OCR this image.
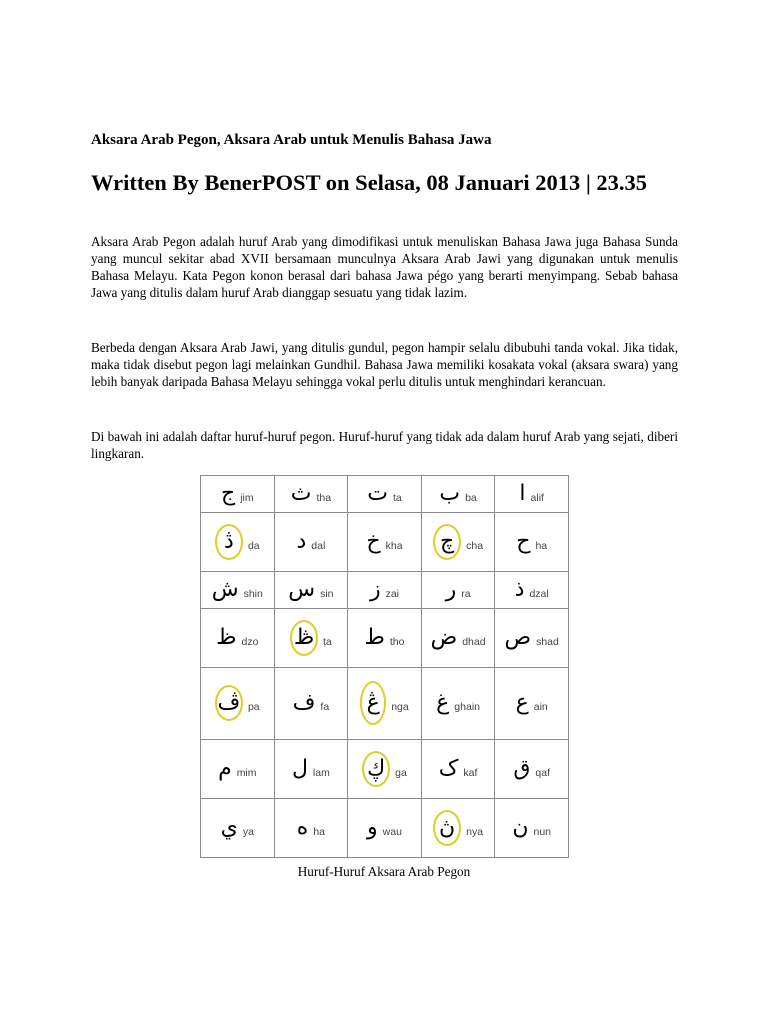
Aksara Arab Pegon, Aksara Arab untuk Menulis Bahasa Jawa
Written By BenerPOST on Selasa, 08 Januari 2013 | 23.35
Aksara Arab Pegon adalah huruf Arab yang dimodifikasi untuk menuliskan Bahasa Jawa juga Bahasa Sunda yang muncul sekitar abad XVII bersamaan munculnya Aksara Arab Jawi yang digunakan untuk menulis Bahasa Melayu. Kata Pegon konon berasal dari bahasa Jawa pégo yang berarti menyimpang. Sebab bahasa Jawa yang ditulis dalam huruf Arab dianggap sesuatu yang tidak lazim.
Berbeda dengan Aksara Arab Jawi, yang ditulis gundul, pegon hampir selalu dibubuhi tanda vokal. Jika tidak, maka tidak disebut pegon lagi melainkan Gundhil. Bahasa Jawa memiliki kosakata vokal (aksara swara) yang lebih banyak daripada Bahasa Melayu sehingga vokal perlu ditulis untuk menghindari kerancuan.
Di bawah ini adalah daftar huruf-huruf pegon. Huruf-huruf yang tidak ada dalam huruf Arab yang sejati, diberi lingkaran.
ج jim	ث tha	ت ta	ب ba	ا alif

ڎ ḍa	د dal	خ kha	چ cha	ح ha

ش shin	س sin	ز zai	ر ra	ذ dzal

ظ dzo	ڟ ṭa	ط tho	ض dhad	ص shad

ڤ pa	ف fa	ڠ nga	غ ghain	ع ain

م mim	ل lam	ڮ ga	ک kaf	ق qaf

ي ya	ه ha	و wau	ڽ nya	ن nun
Huruf-Huruf Aksara Arab Pegon
